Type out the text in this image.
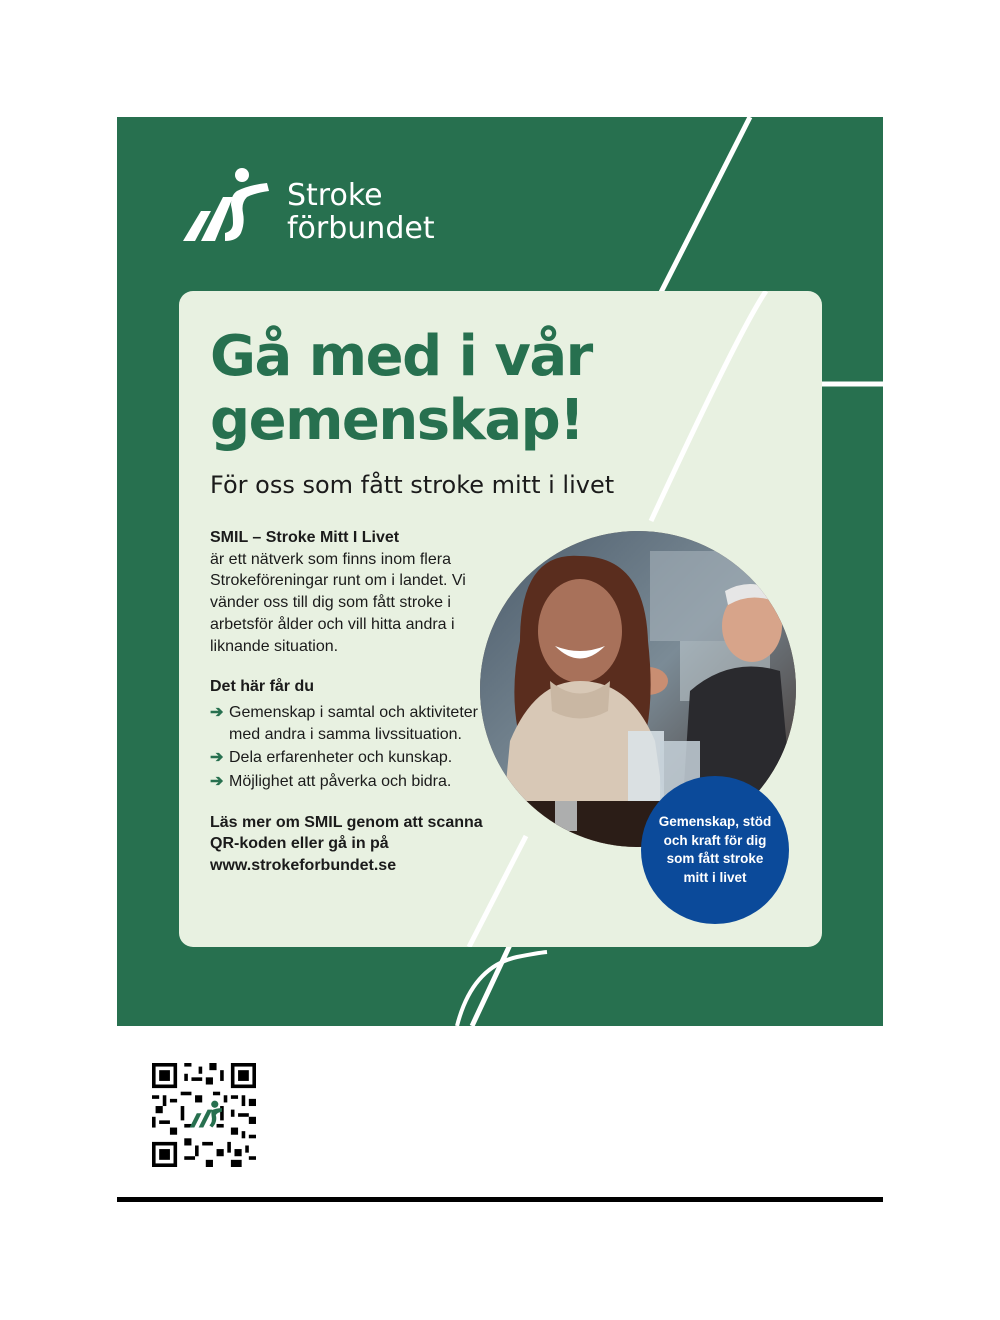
Stroke
förbundet
Gå med i vår gemenskap!

För oss som fått stroke mitt i livet

SMIL – Stroke Mitt I Livet

är ett nätverk som finns inom flera Strokeföreningar runt om i landet. Vi vänder oss till dig som fått stroke i arbetsför ålder och vill hitta andra i liknande situation.

Det här får du
➔ Gemenskap i samtal och aktiviteter med andra i samma livssituation.
➔ Dela erfarenheter och kunskap.
➔ Möjlighet att påverka och bidra.

Läs mer om SMIL genom att scanna QR-koden eller gå in på www.strokeforbundet.se

Gemenskap, stöd och kraft för dig som fått stroke mitt i livet
